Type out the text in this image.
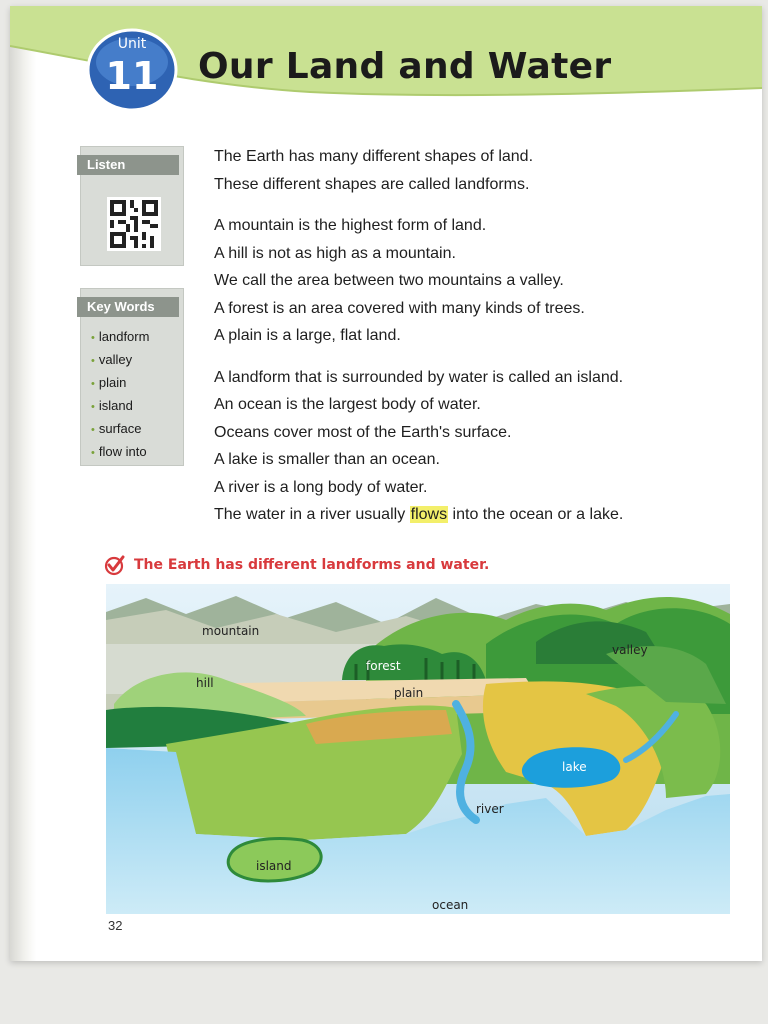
Unit
11	Our Land and Water
Listen
Key Words
• landform
• valley
• plain
• island
• surface
• flow into
The Earth has many different shapes of land.
These different shapes are called landforms.
A mountain is the highest form of land.
A hill is not as high as a mountain.
We call the area between two mountains a valley.
A forest is an area covered with many kinds of trees.
A plain is a large, flat land.
A landform that is surrounded by water is called an island.
An ocean is the largest body of water.
Oceans cover most of the Earth's surface.
A lake is smaller than an ocean.
A river is a long body of water.
The water in a river usually flows into the ocean or a lake.
The Earth has different landforms and water.
mountain
hill
forest
plain
valley
lake
river
island
ocean
32
